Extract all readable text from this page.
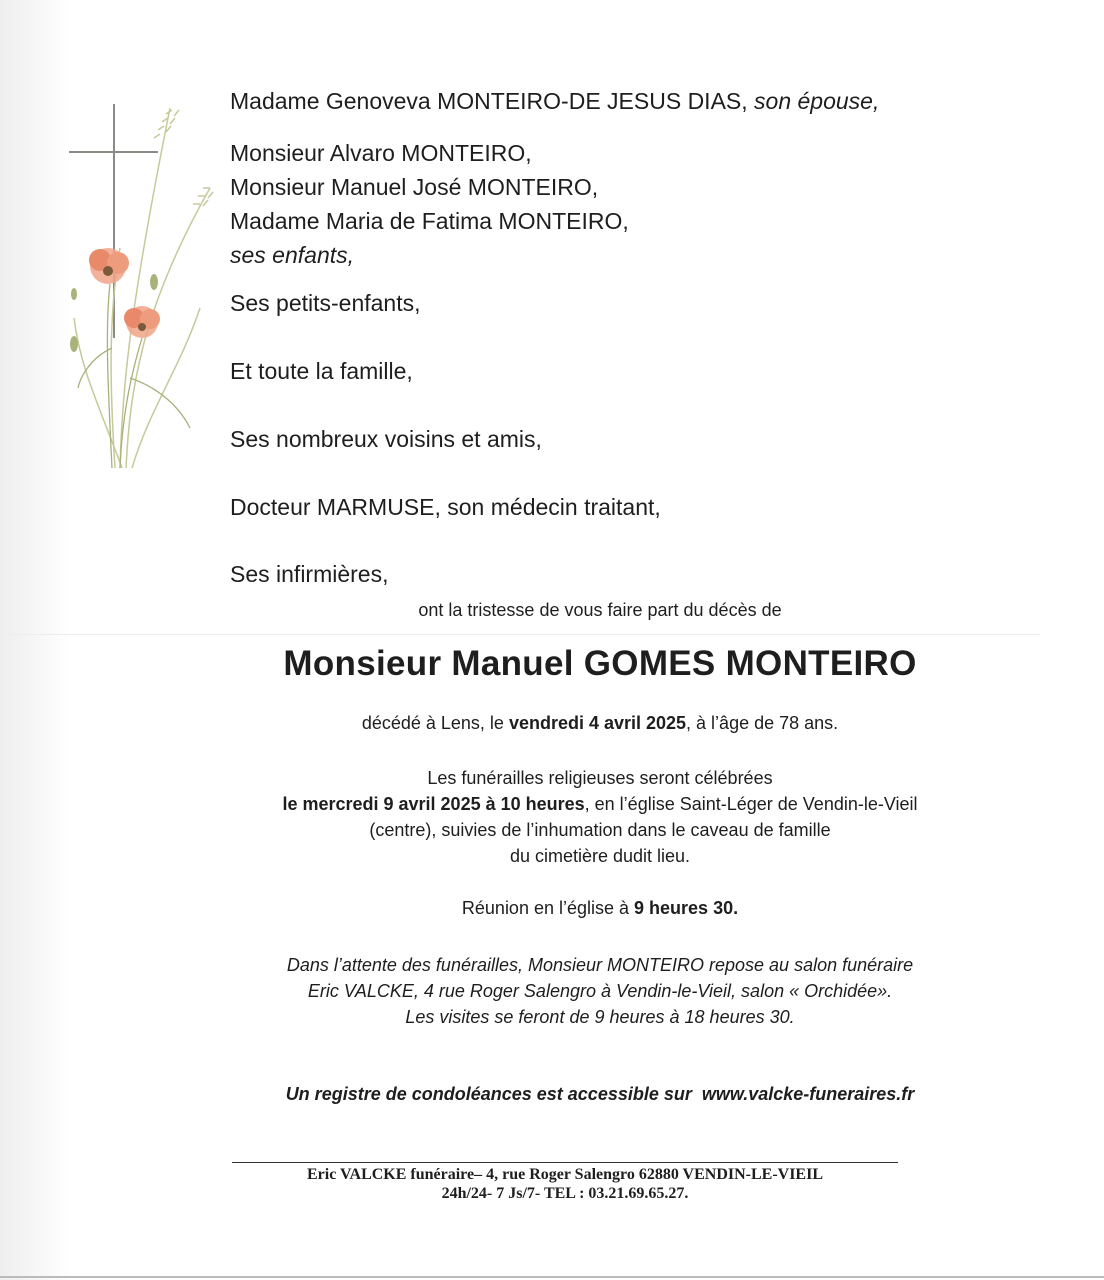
Madame Genoveva MONTEIRO-DE JESUS DIAS, son épouse,
Monsieur Alvaro MONTEIRO,
Monsieur Manuel José MONTEIRO,
Madame Maria de Fatima MONTEIRO,
ses enfants,
Ses petits-enfants,
Et toute la famille,
Ses nombreux voisins et amis,
Docteur MARMUSE, son médecin traitant,
Ses infirmières,
ont la tristesse de vous faire part du décès de
Monsieur Manuel GOMES MONTEIRO
décédé à Lens, le vendredi 4 avril 2025, à l’âge de 78 ans.
Les funérailles religieuses seront célébrées
le mercredi 9 avril 2025 à 10 heures, en l’église Saint-Léger de Vendin-le-Vieil
(centre), suivies de l’inhumation dans le caveau de famille
du cimetière dudit lieu.
Réunion en l’église à 9 heures 30.
Dans l’attente des funérailles, Monsieur MONTEIRO repose au salon funéraire
Eric VALCKE, 4 rue Roger Salengro à Vendin-le-Vieil, salon « Orchidée».
Les visites se feront de 9 heures à 18 heures 30.
Un registre de condoléances est accessible sur  www.valcke-funeraires.fr
Eric VALCKE funéraire– 4, rue Roger Salengro 62880 VENDIN-LE-VIEIL
24h/24- 7 Js/7- TEL : 03.21.69.65.27.
